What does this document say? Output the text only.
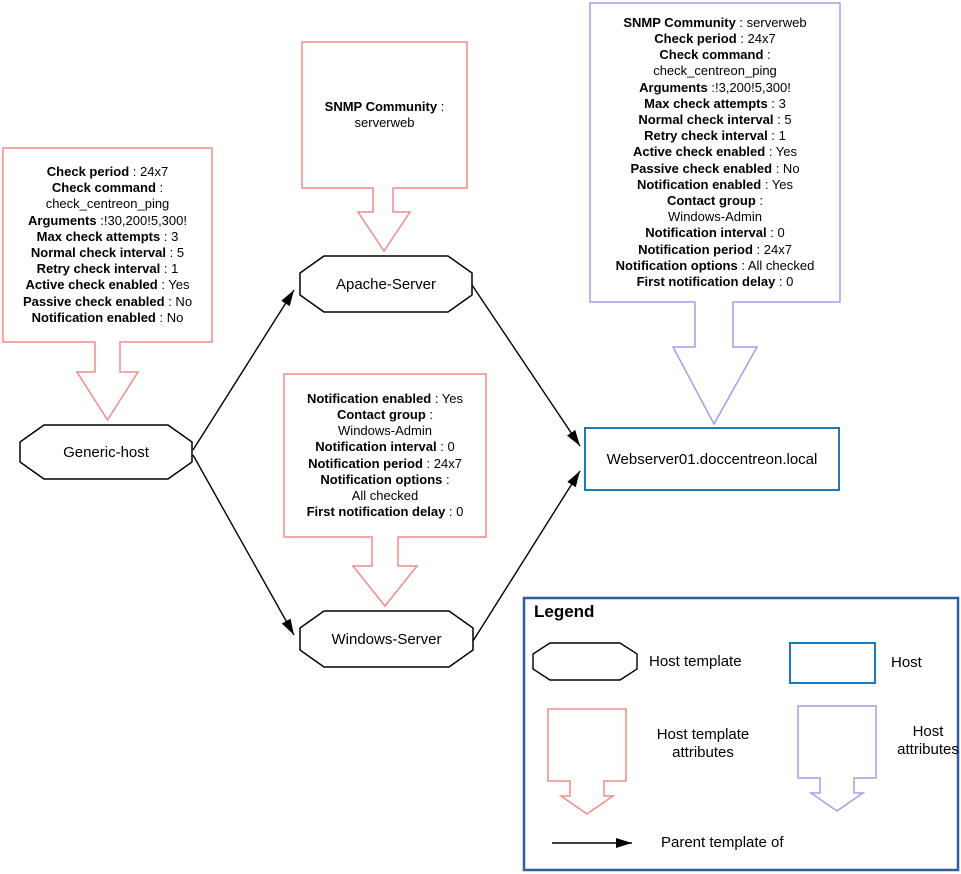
Check period : 24x7
Check command :
check_centreon_ping
Arguments :!30,200!5,300!
Max check attempts : 3
Normal check interval : 5
Retry check interval : 1
Active check enabled : Yes
Passive check enabled : No
Notification enabled : No
SNMP Community :
serverweb
Notification enabled : Yes
Contact group :
Windows-Admin
Notification interval : 0
Notification period : 24x7
Notification options :
All checked
First notification delay : 0
SNMP Community : serverweb
Check period : 24x7
Check command :
check_centreon_ping
Arguments :!3,200!5,300!
Max check attempts : 3
Normal check interval : 5
Retry check interval : 1
Active check enabled : Yes
Passive check enabled : No
Notification enabled : Yes
Contact group :
Windows-Admin
Notification interval : 0
Notification period : 24x7
Notification options : All checked
First notification delay : 0
Generic-host
Apache-Server
Windows-Server
Webserver01.doccentreon.local
Legend
Host template	Host
Host template attributes
Host attributes
Parent template of
